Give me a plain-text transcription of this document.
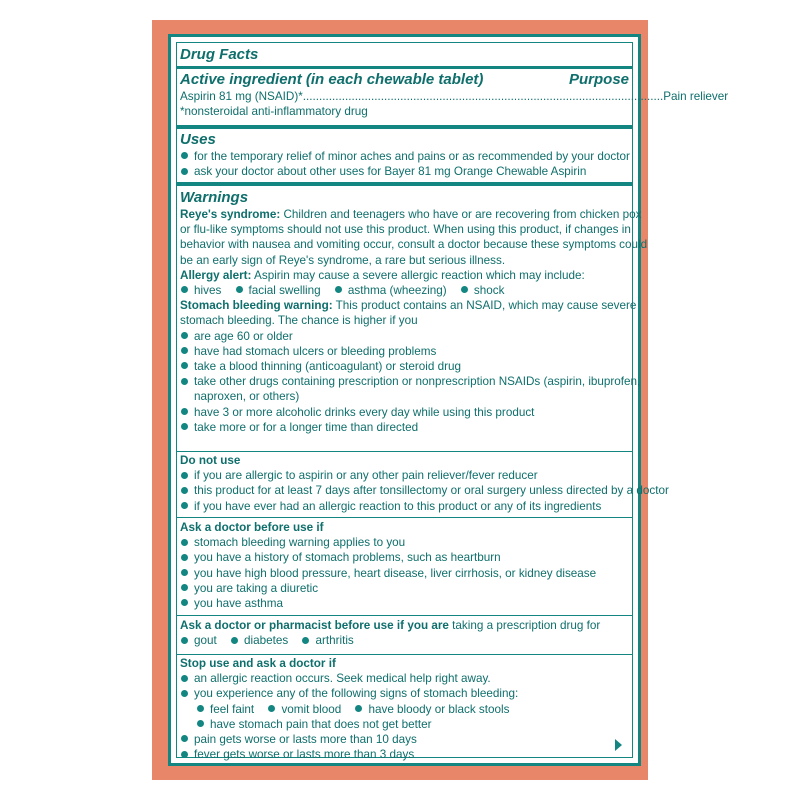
Drug Facts

Active ingredient (in each chewable tablet)	Purpose

Aspirin 81 mg (NSAID)* ............................................................................................................... Pain reliever

*nonsteroidal anti-inflammatory drug

Uses

for the temporary relief of minor aches and pains or as recommended by your doctor

ask your doctor about other uses for Bayer 81 mg Orange Chewable Aspirin

Warnings

Reye's syndrome: Children and teenagers who have or are recovering from chicken pox

or flu-like symptoms should not use this product. When using this product, if changes in

behavior with nausea and vomiting occur, consult a doctor because these symptoms could

be an early sign of Reye's syndrome, a rare but serious illness.

Allergy alert: Aspirin may cause a severe allergic reaction which may include:

hives facial swelling asthma (wheezing) shock

Stomach bleeding warning: This product contains an NSAID, which may cause severe

stomach bleeding. The chance is higher if you

are age 60 or older

have had stomach ulcers or bleeding problems

take a blood thinning (anticoagulant) or steroid drug

take other drugs containing prescription or nonprescription NSAIDs (aspirin, ibuprofen,

naproxen, or others)

have 3 or more alcoholic drinks every day while using this product

take more or for a longer time than directed

Do not use

if you are allergic to aspirin or any other pain reliever/fever reducer

this product for at least 7 days after tonsillectomy or oral surgery unless directed by a doctor

if you have ever had an allergic reaction to this product or any of its ingredients

Ask a doctor before use if

stomach bleeding warning applies to you

you have a history of stomach problems, such as heartburn

you have high blood pressure, heart disease, liver cirrhosis, or kidney disease

you are taking a diuretic

you have asthma

Ask a doctor or pharmacist before use if you are taking a prescription drug for

gout diabetes arthritis

Stop use and ask a doctor if

an allergic reaction occurs. Seek medical help right away.

you experience any of the following signs of stomach bleeding:

feel faint vomit blood have bloody or black stools

have stomach pain that does not get better

pain gets worse or lasts more than 10 days

fever gets worse or lasts more than 3 days
